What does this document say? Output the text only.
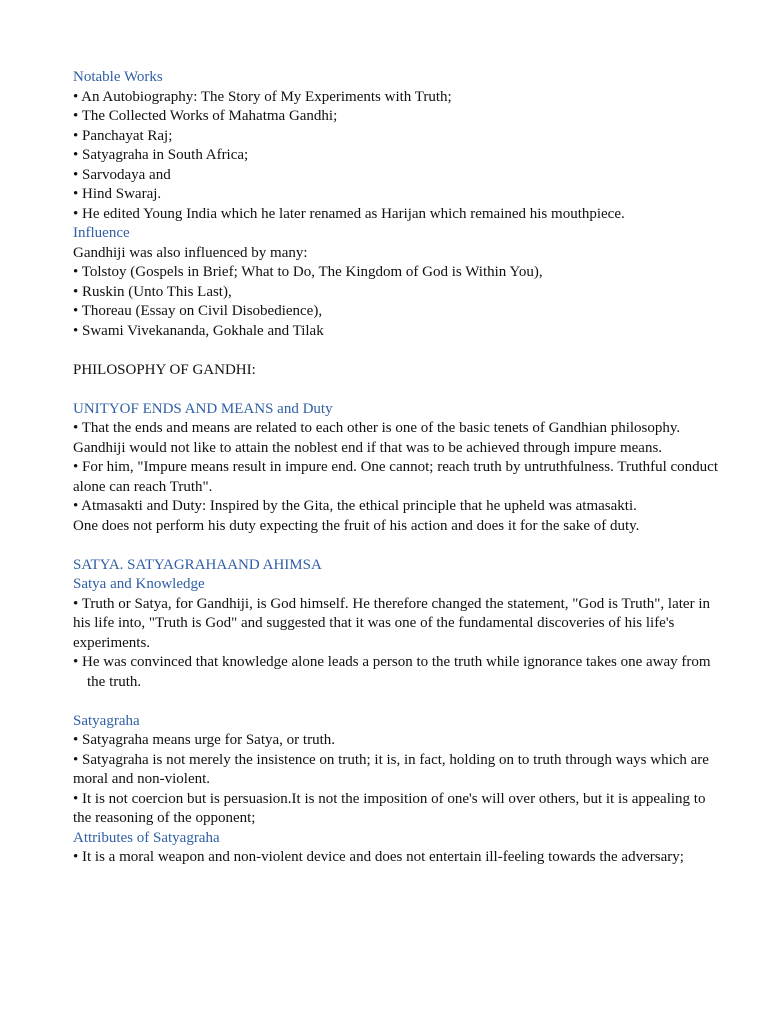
Notable Works
• An Autobiography: The Story of My Experiments with Truth;
• The Collected Works of Mahatma Gandhi;
• Panchayat Raj;
• Satyagraha in South Africa;
• Sarvodaya and
• Hind Swaraj.
• He edited Young India which he later renamed as Harijan which remained his mouthpiece.
Influence
Gandhiji was also influenced by many:
• Tolstoy (Gospels in Brief; What to Do, The Kingdom of God is Within You),
• Ruskin (Unto This Last),
• Thoreau (Essay on Civil Disobedience),
• Swami Vivekananda, Gokhale and Tilak
PHILOSOPHY OF GANDHI:
UNITYOF ENDS AND MEANS and Duty
• That the ends and means are related to each other is one of the basic tenets of Gandhian philosophy. Gandhiji would not like to attain the noblest end if that was to be achieved through impure means.
• For him, "Impure means result in impure end. One cannot; reach truth by untruthfulness. Truthful conduct alone can reach Truth".
• Atmasakti and Duty: Inspired by the Gita, the ethical principle that he upheld was atmasakti.
One does not perform his duty expecting the fruit of his action and does it for the sake of duty.
SATYA. SATYAGRAHAAND AHIMSA
Satya and Knowledge
• Truth or Satya, for Gandhiji, is God himself. He therefore changed the statement, "God is Truth", later in his life into, "Truth is God" and suggested that it was one of the fundamental discoveries of his life's experiments.
• He was convinced that knowledge alone leads a person to the truth while ignorance takes one away from the truth.
Satyagraha
• Satyagraha means urge for Satya, or truth.
• Satyagraha is not merely the insistence on truth; it is, in fact, holding on to truth through ways which are moral and non-violent.
• It is not coercion but is persuasion.It is not the imposition of one's will over others, but it is appealing to the reasoning of the opponent;
Attributes of Satyagraha
• It is a moral weapon and non-violent device and does not entertain ill-feeling towards the adversary;
